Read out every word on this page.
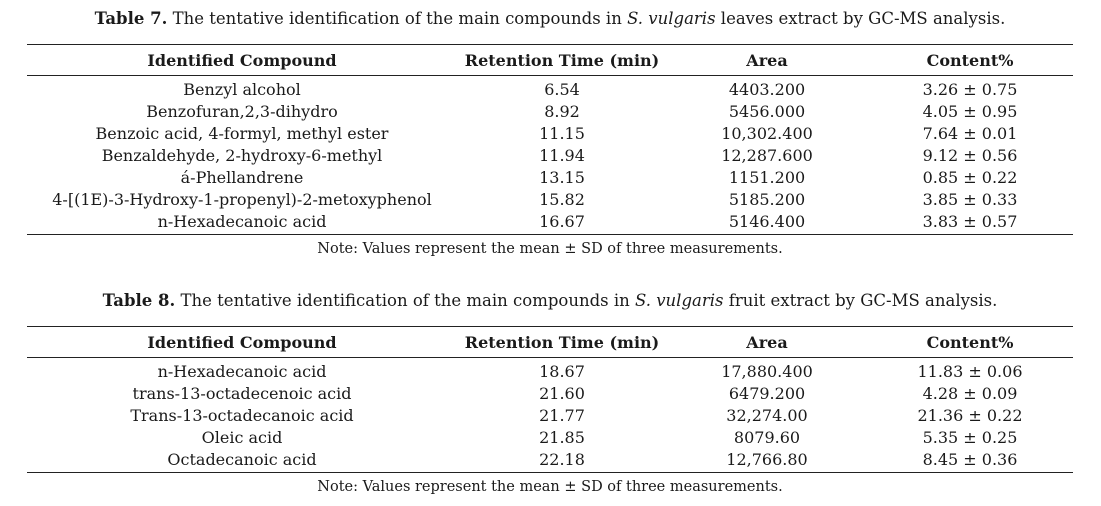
Table 7. The tentative identification of the main compounds in S. vulgaris leaves extract by GC-MS analysis.
Identified Compound	Retention Time (min)	Area	Content%
Benzyl alcohol	6.54	4403.200	3.26 ± 0.75
Benzofuran,2,3-dihydro	8.92	5456.000	4.05 ± 0.95
Benzoic acid, 4-formyl, methyl ester	11.15	10,302.400	7.64 ± 0.01
Benzaldehyde, 2-hydroxy-6-methyl	11.94	12,287.600	9.12 ± 0.56
á-Phellandrene	13.15	1151.200	0.85 ± 0.22
4-[(1E)-3-Hydroxy-1-propenyl)-2-metoxyphenol	15.82	5185.200	3.85 ± 0.33
n-Hexadecanoic acid	16.67	5146.400	3.83 ± 0.57
Note: Values represent the mean ± SD of three measurements.
Table 8. The tentative identification of the main compounds in S. vulgaris fruit extract by GC-MS analysis.
Identified Compound	Retention Time (min)	Area	Content%
n-Hexadecanoic acid	18.67	17,880.400	11.83 ± 0.06
trans-13-octadecenoic acid	21.60	6479.200	4.28 ± 0.09
Trans-13-octadecanoic acid	21.77	32,274.00	21.36 ± 0.22
Oleic acid	21.85	8079.60	5.35 ± 0.25
Octadecanoic acid	22.18	12,766.80	8.45 ± 0.36
Note: Values represent the mean ± SD of three measurements.
